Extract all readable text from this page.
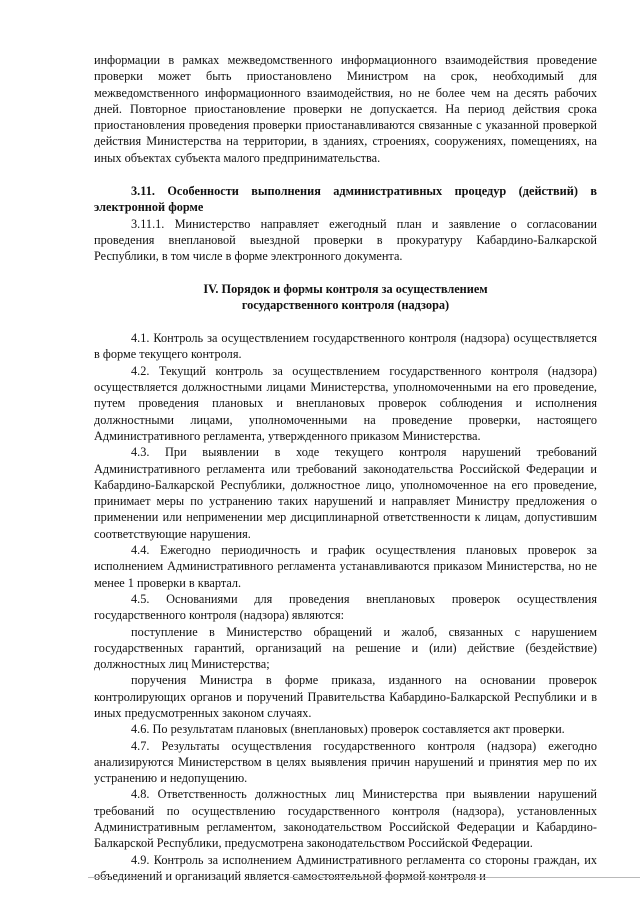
информации в рамках межведомственного информационного взаимодействия проведение проверки может быть приостановлено Министром на срок, необходимый для межведомственного информационного взаимодействия, но не более чем на десять рабочих дней. Повторное приостановление проверки не допускается. На период действия срока приостановления проведения проверки приостанавливаются связанные с указанной проверкой действия Министерства на территории, в зданиях, строениях, сооружениях, помещениях, на иных объектах субъекта малого предпринимательства.

3.11. Особенности выполнения административных процедур (действий) в электронной форме

3.11.1. Министерство направляет ежегодный план и заявление о согласовании проведения внеплановой выездной проверки в прокуратуру Кабардино-Балкарской Республики, в том числе в форме электронного документа.

IV. Порядок и формы контроля за осуществлением
государственного контроля (надзора)

4.1. Контроль за осуществлением государственного контроля (надзора) осуществляется в форме текущего контроля.

4.2. Текущий контроль за осуществлением государственного контроля (надзора) осуществляется должностными лицами Министерства, уполномоченными на его проведение, путем проведения плановых и внеплановых проверок соблюдения и исполнения должностными лицами, уполномоченными на проведение проверки, настоящего Административного регламента, утвержденного приказом Министерства.

4.3. При выявлении в ходе текущего контроля нарушений требований Административного регламента или требований законодательства Российской Федерации и Кабардино-Балкарской Республики, должностное лицо, уполномоченное на его проведение, принимает меры по устранению таких нарушений и направляет Министру предложения о применении или неприменении мер дисциплинарной ответственности к лицам, допустившим соответствующие нарушения.

4.4. Ежегодно периодичность и график осуществления плановых проверок за исполнением Административного регламента устанавливаются приказом Министерства, но не менее 1 проверки в квартал.

4.5. Основаниями для проведения внеплановых проверок осуществления государственного контроля (надзора) являются:

поступление в Министерство обращений и жалоб, связанных с нарушением государственных гарантий, организаций на решение и (или) действие (бездействие) должностных лиц Министерства;

поручения Министра в форме приказа, изданного на основании проверок контролирующих органов и поручений Правительства Кабардино-Балкарской Республики и в иных предусмотренных законом случаях.

4.6. По результатам плановых (внеплановых) проверок составляется акт проверки.

4.7. Результаты осуществления государственного контроля (надзора) ежегодно анализируются Министерством в целях выявления причин нарушений и принятия мер по их устранению и недопущению.

4.8. Ответственность должностных лиц Министерства при выявлении нарушений требований по осуществлению государственного контроля (надзора), установленных Административным регламентом, законодательством Российской Федерации и Кабардино-Балкарской Республики, предусмотрена законодательством Российской Федерации.

4.9. Контроль за исполнением Административного регламента со стороны граждан, их объединений и организаций является самостоятельной формой контроля и
